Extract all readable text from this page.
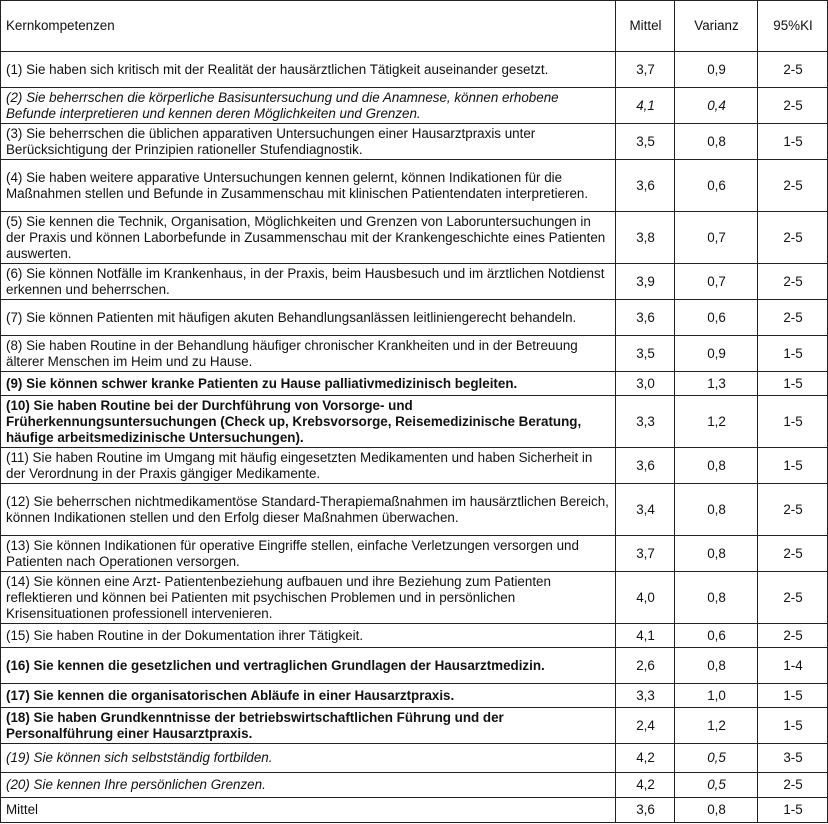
Kernkompetenzen	Mittel	Varianz	95%KI
(1) Sie haben sich kritisch mit der Realität der hausärztlichen Tätigkeit auseinander gesetzt.	3,7	0,9	2-5
(2) Sie beherrschen die körperliche Basisuntersuchung und die Anamnese, können erhobene Befunde interpretieren und kennen deren Möglichkeiten und Grenzen.	4,1	0,4	2-5
(3) Sie beherrschen die üblichen apparativen Untersuchungen einer Hausarztpraxis unter Berücksichtigung der Prinzipien rationeller Stufendiagnostik.	3,5	0,8	1-5
(4) Sie haben weitere apparative Untersuchungen kennen gelernt, können Indikationen für die Maßnahmen stellen und Befunde in Zusammenschau mit klinischen Patientendaten interpretieren.	3,6	0,6	2-5
(5) Sie kennen die Technik, Organisation, Möglichkeiten und Grenzen von Laboruntersuchungen in der Praxis und können Laborbefunde in Zusammenschau mit der Krankengeschichte eines Patienten auswerten.	3,8	0,7	2-5
(6) Sie können Notfälle im Krankenhaus, in der Praxis, beim Hausbesuch und im ärztlichen Notdienst erkennen und beherrschen.	3,9	0,7	2-5
(7) Sie können Patienten mit häufigen akuten Behandlungsanlässen leitliniengerecht behandeln.	3,6	0,6	2-5
(8) Sie haben Routine in der Behandlung häufiger chronischer Krankheiten und in der Betreuung älterer Menschen im Heim und zu Hause.	3,5	0,9	1-5
(9) Sie können schwer kranke Patienten zu Hause palliativmedizinisch begleiten.	3,0	1,3	1-5
(10) Sie haben Routine bei der Durchführung von Vorsorge- und Früherkennungsuntersuchungen (Check up, Krebsvorsorge, Reisemedizinische Beratung, häufige arbeitsmedizinische Untersuchungen).	3,3	1,2	1-5
(11) Sie haben Routine im Umgang mit häufig eingesetzten Medikamenten und haben Sicherheit in der Verordnung in der Praxis gängiger Medikamente.	3,6	0,8	1-5
(12) Sie beherrschen nichtmedikamentöse Standard-Therapiemaßnahmen im hausärztlichen Bereich, können Indikationen stellen und den Erfolg dieser Maßnahmen überwachen.	3,4	0,8	2-5
(13) Sie können Indikationen für operative Eingriffe stellen, einfache Verletzungen versorgen und Patienten nach Operationen versorgen.	3,7	0,8	2-5
(14) Sie können eine Arzt- Patientenbeziehung aufbauen und ihre Beziehung zum Patienten reflektieren und können bei Patienten mit psychischen Problemen und in persönlichen Krisensituationen professionell intervenieren.	4,0	0,8	2-5
(15) Sie haben Routine in der Dokumentation ihrer Tätigkeit.	4,1	0,6	2-5
(16) Sie kennen die gesetzlichen und vertraglichen Grundlagen der Hausarztmedizin.	2,6	0,8	1-4
(17) Sie kennen die organisatorischen Abläufe in einer Hausarztpraxis.	3,3	1,0	1-5
(18) Sie haben Grundkenntnisse der betriebswirtschaftlichen Führung und der Personalführung einer Hausarztpraxis.	2,4	1,2	1-5
(19) Sie können sich selbstständig fortbilden.	4,2	0,5	3-5
(20) Sie kennen Ihre persönlichen Grenzen.	4,2	0,5	2-5
Mittel	3,6	0,8	1-5
